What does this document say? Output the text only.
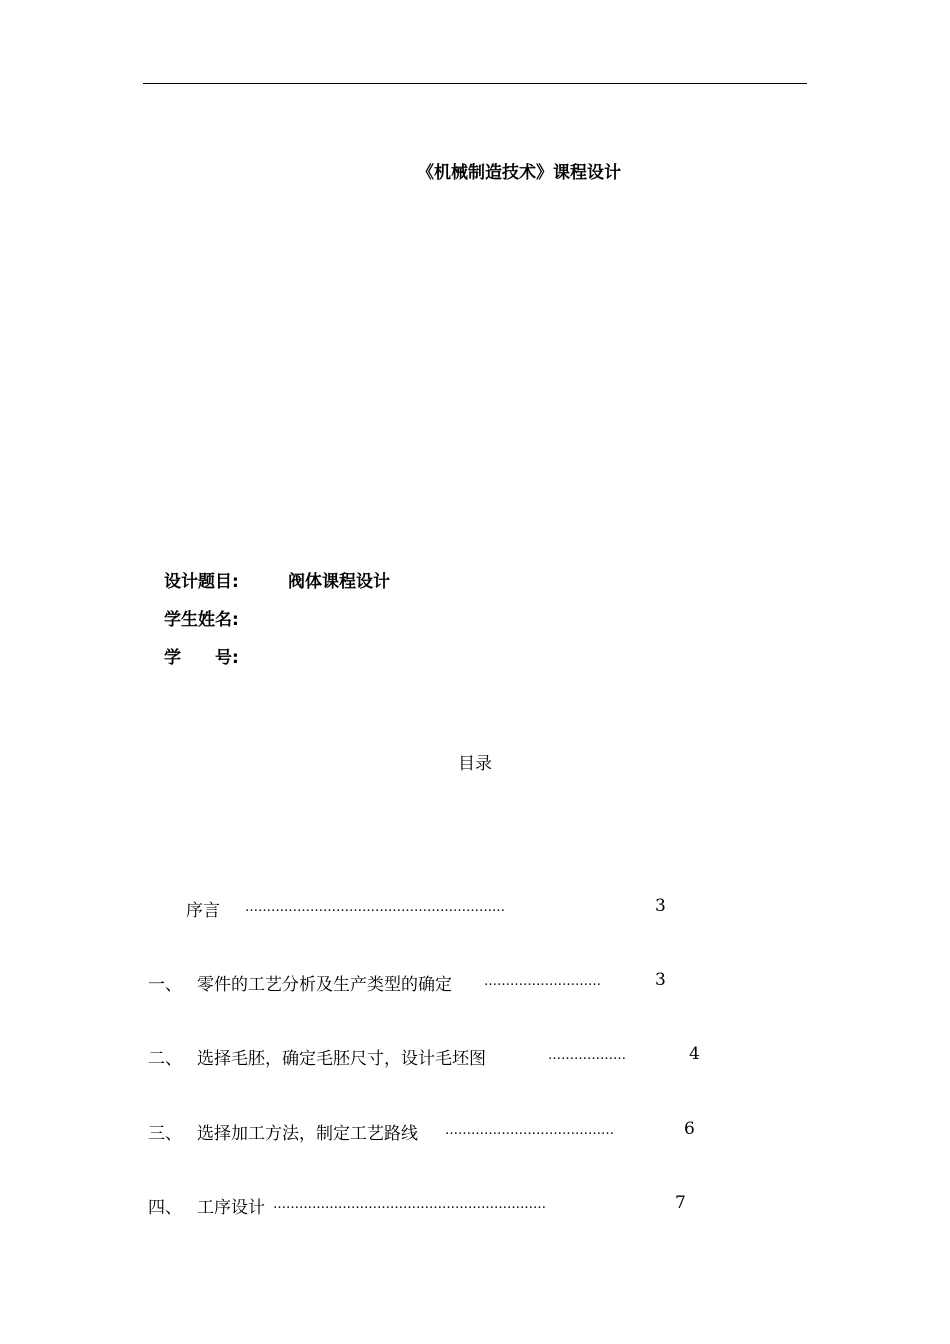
《机械制造技术》课程设计
设计题目:	阀体课程设计
学生姓名:
学　　号:
目录
序言 ……………………………………………………	3
一、 零件的工艺分析及生产类型的确定 ………………………	3
二、 选择毛胚，确定毛胚尺寸，设计毛坯图	………………	4
三、 选择加工方法，制定工艺路线 …………………………………	6
四、 工序设计 ………………………………………………………	7
